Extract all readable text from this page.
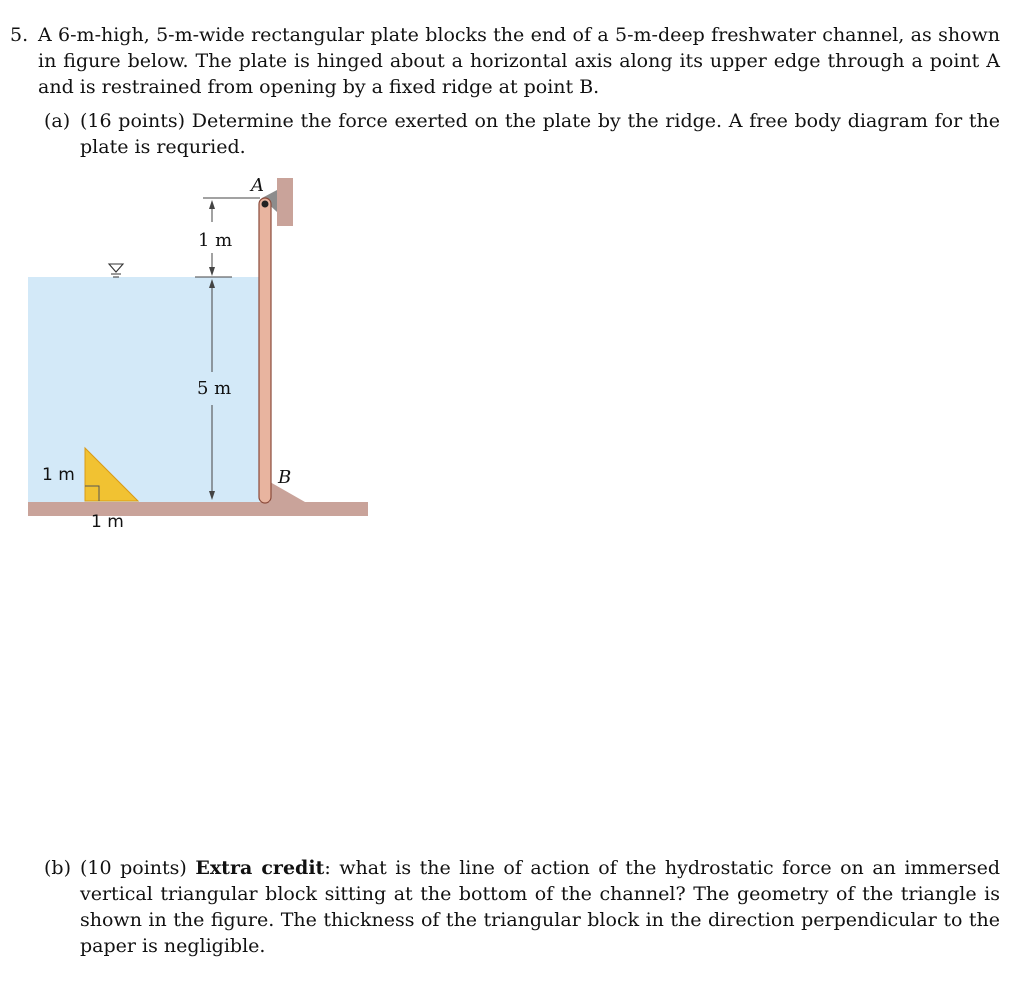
5. A 6-m-high, 5-m-wide rectangular plate blocks the end of a 5-m-deep freshwater channel, as shown in figure below. The plate is hinged about a horizontal axis along its upper edge through a point A and is restrained from opening by a fixed ridge at point B.
(a) (16 points) Determine the force exerted on the plate by the ridge. A free body diagram for the plate is requried.
A
B
1 m
5 m
1 m
1 m
(b) (10 points) Extra credit: what is the line of action of the hydrostatic force on an immersed vertical triangular block sitting at the bottom of the channel? The geometry of the triangle is shown in the figure. The thickness of the triangular block in the direction perpendicular to the paper is negligible.
